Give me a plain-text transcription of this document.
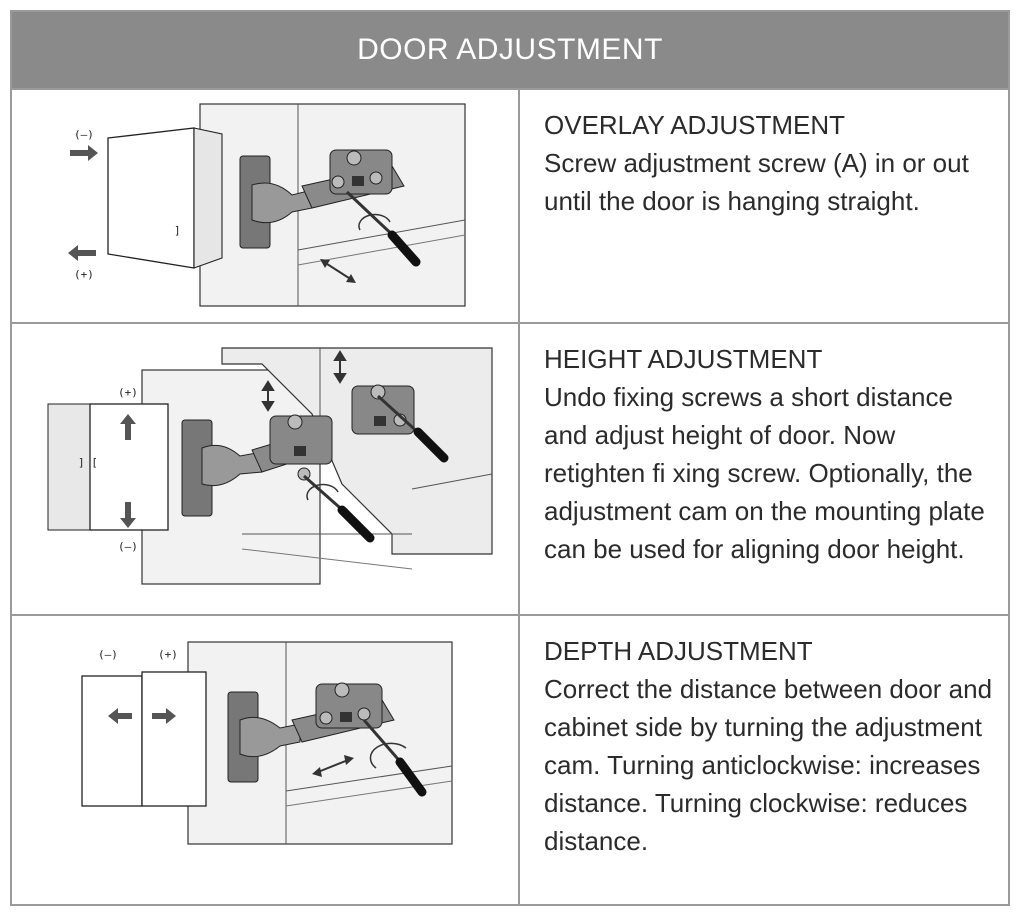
DOOR ADJUSTMENT
]
(–)
(+)
OVERLAY ADJUSTMENT

Screw adjustment screw (A) in or out until the door is hanging straight.

] [
(+)
(–)
HEIGHT ADJUSTMENT

Undo fixing screws a short distance and adjust height of door. Now retighten fi xing screw. Optionally, the adjustment cam on the mounting plate can be used for aligning door height.

(–)	(+)	DEPTH ADJUSTMENT

Correct the distance between door and cabinet side by turning the adjustment cam. Turning anticlockwise: increases distance. Turning clockwise: reduces distance.
